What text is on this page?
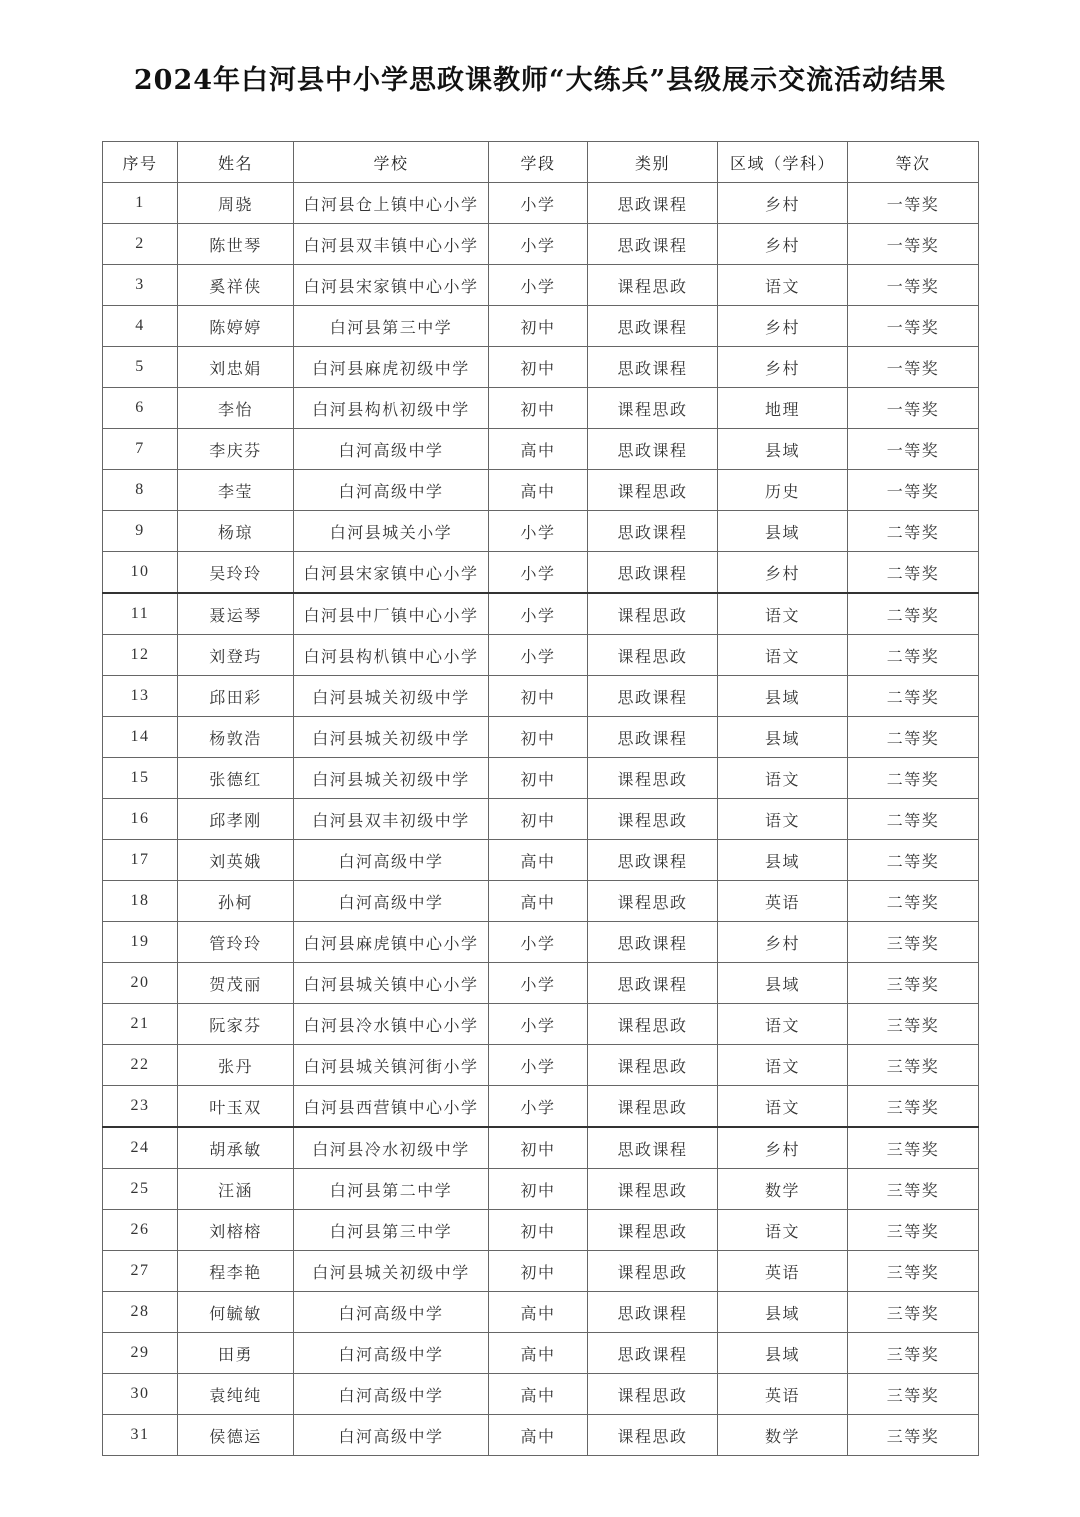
2024年白河县中小学思政课教师“大练兵”县级展示交流活动结果
序号	姓名	学校	学段	类别	区域（学科）	等次
1	周骁	白河县仓上镇中心小学	小学	思政课程	乡村	一等奖
2	陈世琴	白河县双丰镇中心小学	小学	思政课程	乡村	一等奖
3	奚祥侠	白河县宋家镇中心小学	小学	课程思政	语文	一等奖
4	陈婷婷	白河县第三中学	初中	思政课程	乡村	一等奖
5	刘忠娟	白河县麻虎初级中学	初中	思政课程	乡村	一等奖
6	李怡	白河县构朳初级中学	初中	课程思政	地理	一等奖
7	李庆芬	白河高级中学	高中	思政课程	县域	一等奖
8	李莹	白河高级中学	高中	课程思政	历史	一等奖
9	杨琼	白河县城关小学	小学	思政课程	县域	二等奖
10	吴玲玲	白河县宋家镇中心小学	小学	思政课程	乡村	二等奖
11	聂运琴	白河县中厂镇中心小学	小学	课程思政	语文	二等奖
12	刘登玙	白河县构朳镇中心小学	小学	课程思政	语文	二等奖
13	邱田彩	白河县城关初级中学	初中	思政课程	县域	二等奖
14	杨敦浩	白河县城关初级中学	初中	思政课程	县域	二等奖
15	张德红	白河县城关初级中学	初中	课程思政	语文	二等奖
16	邱孝刚	白河县双丰初级中学	初中	课程思政	语文	二等奖
17	刘英娥	白河高级中学	高中	思政课程	县域	二等奖
18	孙柯	白河高级中学	高中	课程思政	英语	二等奖
19	管玲玲	白河县麻虎镇中心小学	小学	思政课程	乡村	三等奖
20	贺茂丽	白河县城关镇中心小学	小学	思政课程	县域	三等奖
21	阮家芬	白河县冷水镇中心小学	小学	课程思政	语文	三等奖
22	张丹	白河县城关镇河街小学	小学	课程思政	语文	三等奖
23	叶玉双	白河县西营镇中心小学	小学	课程思政	语文	三等奖
24	胡承敏	白河县冷水初级中学	初中	思政课程	乡村	三等奖
25	汪涵	白河县第二中学	初中	课程思政	数学	三等奖
26	刘榕榕	白河县第三中学	初中	课程思政	语文	三等奖
27	程李艳	白河县城关初级中学	初中	课程思政	英语	三等奖
28	何毓敏	白河高级中学	高中	思政课程	县域	三等奖
29	田勇	白河高级中学	高中	思政课程	县域	三等奖
30	袁纯纯	白河高级中学	高中	课程思政	英语	三等奖
31	侯德运	白河高级中学	高中	课程思政	数学	三等奖
